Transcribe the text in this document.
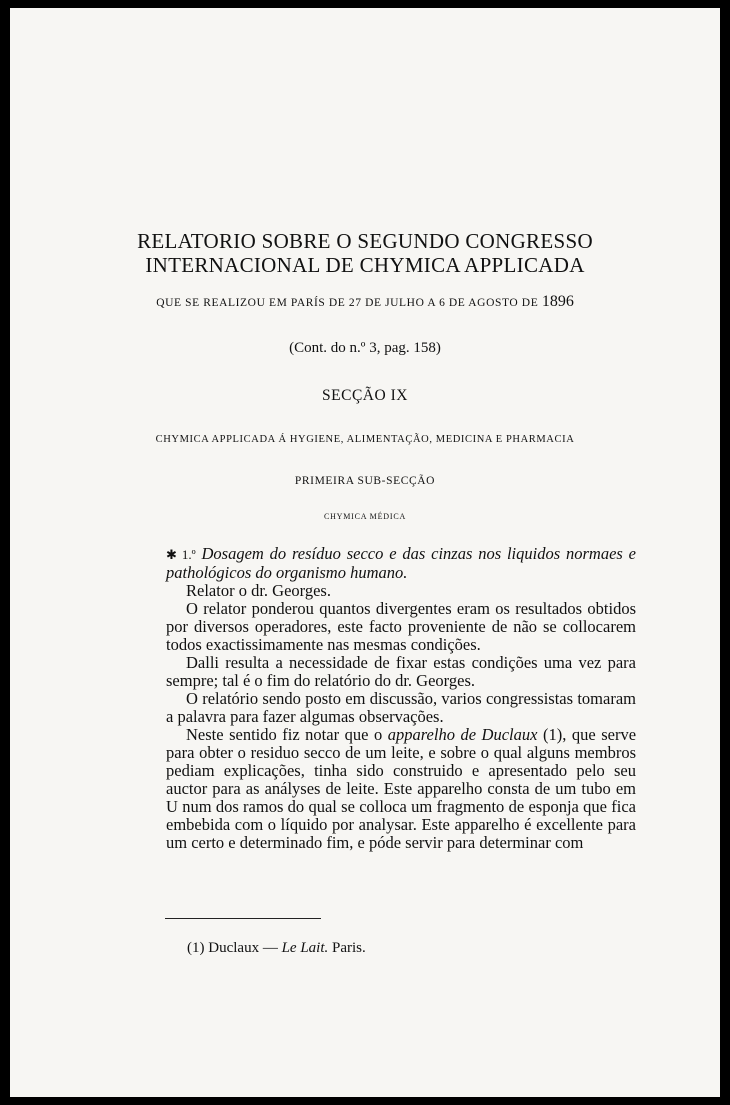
RELATORIO SOBRE O SEGUNDO CONGRESSO
INTERNACIONAL DE CHYMICA APPLICADA
QUE SE REALIZOU EM PARÍS DE 27 DE JULHO A 6 DE AGOSTO DE 1896
(Cont. do n.º 3, pag. 158)
SECÇÃO IX
CHYMICA APPLICADA Á HYGIENE, ALIMENTAÇÃO, MEDICINA E PHARMACIA
PRIMEIRA SUB-SECÇÃO
CHYMICA MÉDICA

✱ 1.º Dosagem do resíduo secco e das cinzas nos liquidos normaes e pathológicos do organismo humano.

Relator o dr. Georges.

O relator ponderou quantos divergentes eram os resultados obtidos por diversos operadores, este facto proveniente de não se collocarem todos exactissimamente nas mesmas condições.

Dalli resulta a necessidade de fixar estas condições uma vez para sempre; tal é o fim do relatório do dr. Georges.

O relatório sendo posto em discussão, varios congressistas tomaram a palavra para fazer algumas observações.

Neste sentido fiz notar que o apparelho de Duclaux (1), que serve para obter o residuo secco de um leite, e sobre o qual alguns membros pediam explicações, tinha sido construido e apresentado pelo seu auctor para as anályses de leite. Este apparelho consta de um tubo em U num dos ramos do qual se colloca um fragmento de esponja que fica embebida com o líquido por analysar. Este apparelho é excellente para um certo e determinado fim, e póde servir para determinar com

(1) Duclaux — Le Lait. Paris.
